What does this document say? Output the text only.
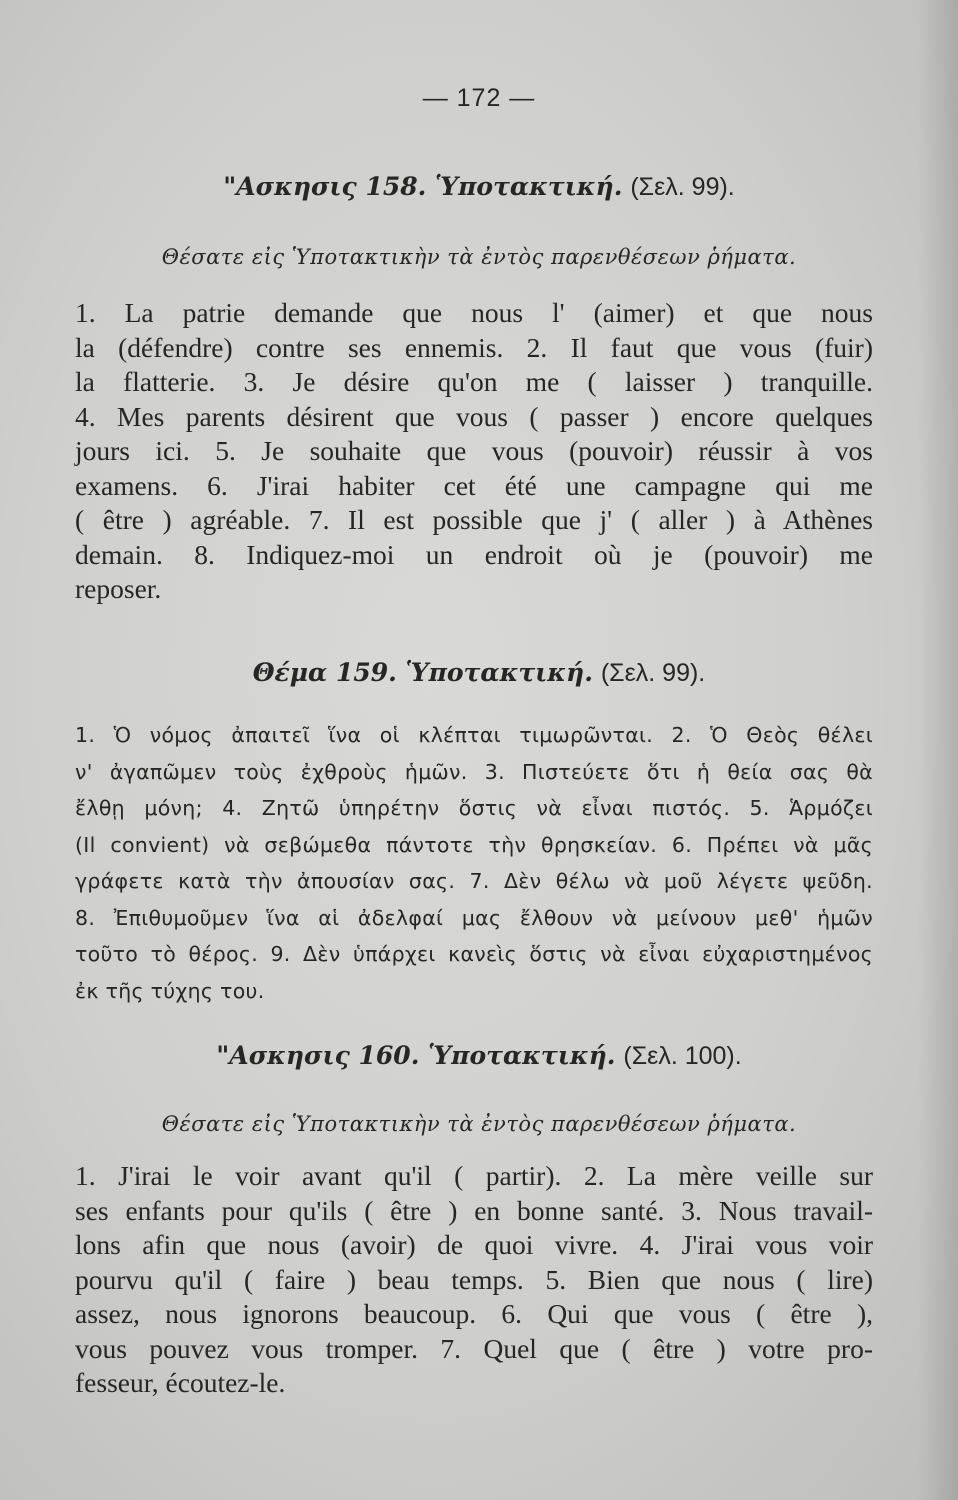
— 172 —
"Ασκησις 158. Ὑποτακτική. (Σελ. 99).
Θέσατε εἰς Ὑποτακτικὴν τὰ ἐντὸς παρενθέσεων ῥήματα.
1. La patrie demande que nous l' (aimer) et que nous
la (défendre) contre ses ennemis. 2. Il faut que vous (fuir)
la flatterie. 3. Je désire qu'on me ( laisser ) tranquille.
4. Mes parents désirent que vous ( passer ) encore quelques
jours ici. 5. Je souhaite que vous (pouvoir) réussir à vos
examens. 6. J'irai habiter cet été une campagne qui me
( être ) agréable. 7. Il est possible que j' ( aller ) à Athènes
demain. 8. Indiquez-moi un endroit où je (pouvoir) me
reposer.
Θέμα 159. Ὑποτακτική. (Σελ. 99).
1. Ὁ νόμος ἀπαιτεῖ ἵνα οἱ κλέπται τιμωρῶνται. 2. Ὁ Θεὸς θέλει
ν' ἀγαπῶμεν τοὺς ἐχθροὺς ἡμῶν. 3. Πιστεύετε ὅτι ἡ θεία σας θὰ
ἔλθῃ μόνη; 4. Ζητῶ ὑπηρέτην ὅστις νὰ εἶναι πιστός. 5. Ἁρμόζει
(Il convient) νὰ σεβώμεθα πάντοτε τὴν θρησκείαν. 6. Πρέπει νὰ μᾶς
γράφετε κατὰ τὴν ἀπουσίαν σας. 7. Δὲν θέλω νὰ μοῦ λέγετε ψεῦδη.
8. Ἐπιθυμοῦμεν ἵνα αἱ ἀδελφαί μας ἔλθουν νὰ μείνουν μεθ' ἡμῶν
τοῦτο τὸ θέρος. 9. Δὲν ὑπάρχει κανεὶς ὅστις νὰ εἶναι εὐχαριστημένος
ἐκ τῆς τύχης του.
"Ασκησις 160. Ὑποτακτική. (Σελ. 100).
Θέσατε εἰς Ὑποτακτικὴν τὰ ἐντὸς παρενθέσεων ῥήματα.
1. J'irai le voir avant qu'il ( partir). 2. La mère veille sur
ses enfants pour qu'ils ( être ) en bonne santé. 3. Nous travail-
lons afin que nous (avoir) de quoi vivre. 4. J'irai vous voir
pourvu qu'il ( faire ) beau temps. 5. Bien que nous ( lire)
assez, nous ignorons beaucoup. 6. Qui que vous ( être ),
vous pouvez vous tromper. 7. Quel que ( être ) votre pro-
fesseur, écoutez-le.
